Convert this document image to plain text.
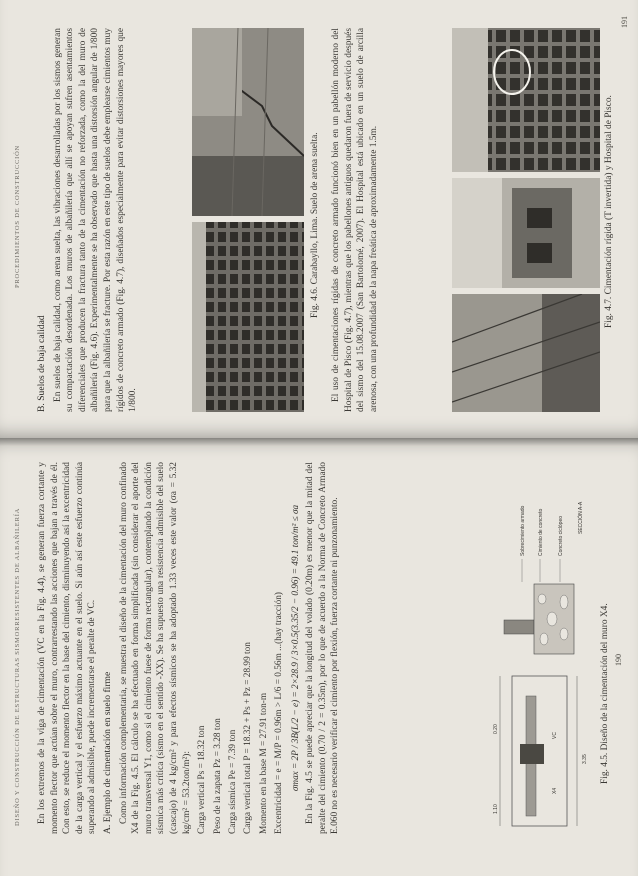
DISEÑO Y CONSTRUCCIÓN DE ESTRUCTURAS SISMORRESISTENTES DE ALBAÑILERÍA En los extremos de la viga de cimentación (VC en la Fig. 4.4), se generan fuerza cortante y momento flector que actúan sobre el muro, contrarrestando las acciones que bajan a través de él. Con esto, se reduce el momento flector en la base del cimiento, disminuyendo así la excentricidad de la carga vertical y el esfuerzo máximo actuante en el suelo. Si aún así este esfuerzo continúa superando al admisible, puede incrementarse el peralte de VC. A. Ejemplo de cimentación en suelo firme Como información complementaria, se muestra el diseño de la cimentación del muro confinado X4 de la Fig. 4.5. El cálculo se ha efectuado en forma simplificada (sin considerar el aporte del muro transversal Y1, como si el cimiento fuese de forma rectangular), contemplando la condición sísmica más crítica (sismo en el sentido -XX). Se ha supuesto una resistencia admisible del suelo (cascajo) de 4 kg/cm² y para efectos sísmicos se ha adoptado 1.33 veces este valor (σa = 5.32 kg/cm² = 53.2ton/m²): Carga vertical Ps = 18.32 ton Peso de la zapata Pz = 3.28 ton Carga sísmica Pe = 7.39 ton Carga vertical total P = 18.32 + Ps + Pz = 28.99 ton Momento en la base M = 27.91 ton-m Excentricidad = e = M/P = 0.96m > L/6 = 0.56m ...(hay tracción) σmax = 2P / 3B(L/2 − e) = 2×28.9 / 3×0.5(3.35/2 − 0.96) = 49.1 ton/m² ≤ σa En la Fig. 4.5 se puede apreciar que la longitud del volado (0.20m) es menor que la mitad del peralte del cimiento (0.70 / 2 = 0.35m), por lo que de acuerdo a la Norma de Concreto Armado E.060 no es necesario verificar el cimiento por flexión, fuerza cortante ni punzonamiento.	1.10
0.20
3.35
VC
X4
Sobrecimiento armado Cimiento de concreto	Concreto ciclópeo	SECCIÓN A-A
Fig. 4.5. Diseño de la cimentación del muro X4. 190
PROCEDIMIENTOS DE CONSTRUCCIÓN

B. Suelos de baja calidad En suelos de baja calidad, como arena suelta, las vibraciones desarrolladas por los sismos generan su compactación desordenada. Los muros de albañilería que allí se apoyan sufren asentamientos diferenciales que producen la fractura tanto de la cimentación no reforzada, como la del muro de albañilería (Fig. 4.6). Experimentalmente se ha observado que hasta una distorsión angular de 1/800 para que la albañilería se fracture. Por esta razón en este tipo de suelos debe emplearse cimientos muy rígidos de concreto armado (Fig. 4.7), diseñados especialmente para evitar distorsiones mayores que 1/800.

Fig. 4.6. Carabayllo, Lima. Suelo de arena suelta. El uso de cimentaciones rígidas de concreto armado funcionó bien en un pabellón moderno del Hospital de Pisco (Fig. 4.7), mientras que los pabellones antiguos quedaron fuera de servicio después del sismo del 15.08.2007 (San Bartolomé, 2007). El Hospital está ubicado en un suelo de arcilla arenosa, con una profundidad de la napa freática de aproximadamente 1.5m.	Fig. 4.7. Cimentación rígida (T invertida) y Hospital de Pisco.
191
